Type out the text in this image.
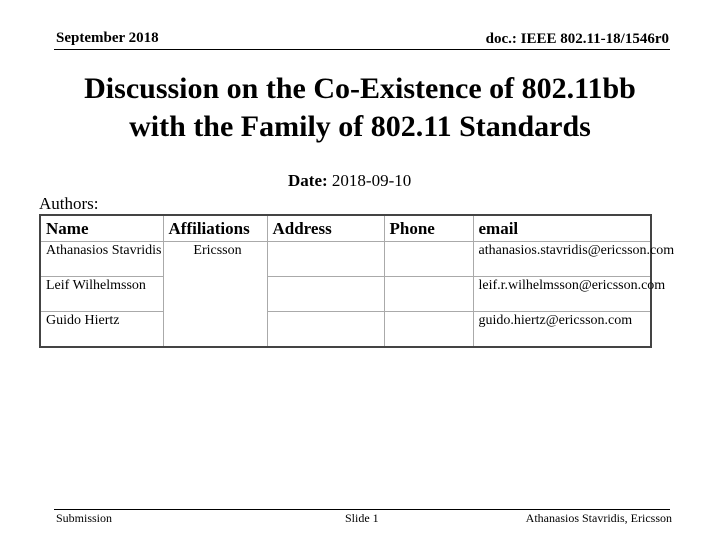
September 2018	doc.: IEEE 802.11-18/1546r0
Discussion on the Co-Existence of 802.11bb
with the Family of 802.11 Standards
Date: 2018-09-10
Authors:
Name	Affiliations	Address	Phone	email
Athanasios Stavridis	Ericsson			athanasios.stavridis@ericsson.com
Leif Wilhelmsson				leif.r.wilhelmsson@ericsson.com
Guido Hiertz				guido.hiertz@ericsson.com
Submission	Slide 1	Athanasios Stavridis, Ericsson
